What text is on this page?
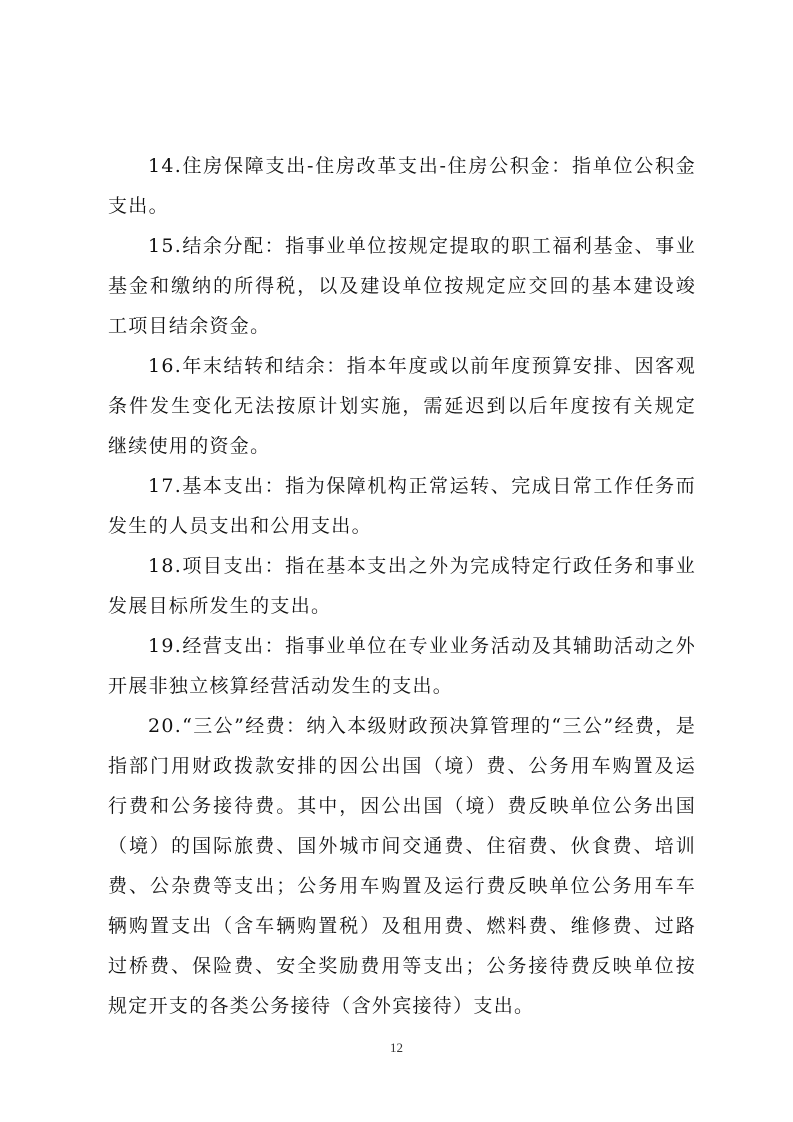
14.住房保障支出-住房改革支出-住房公积金：指单位公积金支出。

15.结余分配：指事业单位按规定提取的职工福利基金、事业基金和缴纳的所得税，以及建设单位按规定应交回的基本建设竣工项目结余资金。

16.年末结转和结余：指本年度或以前年度预算安排、因客观条件发生变化无法按原计划实施，需延迟到以后年度按有关规定继续使用的资金。

17.基本支出：指为保障机构正常运转、完成日常工作任务而发生的人员支出和公用支出。

18.项目支出：指在基本支出之外为完成特定行政任务和事业发展目标所发生的支出。

19.经营支出：指事业单位在专业业务活动及其辅助活动之外开展非独立核算经营活动发生的支出。

20.“三公”经费：纳入本级财政预决算管理的“三公”经费，是指部门用财政拨款安排的因公出国（境）费、公务用车购置及运行费和公务接待费。其中，因公出国（境）费反映单位公务出国（境）的国际旅费、国外城市间交通费、住宿费、伙食费、培训费、公杂费等支出；公务用车购置及运行费反映单位公务用车车辆购置支出（含车辆购置税）及租用费、燃料费、维修费、过路过桥费、保险费、安全奖励费用等支出；公务接待费反映单位按规定开支的各类公务接待（含外宾接待）支出。

12
